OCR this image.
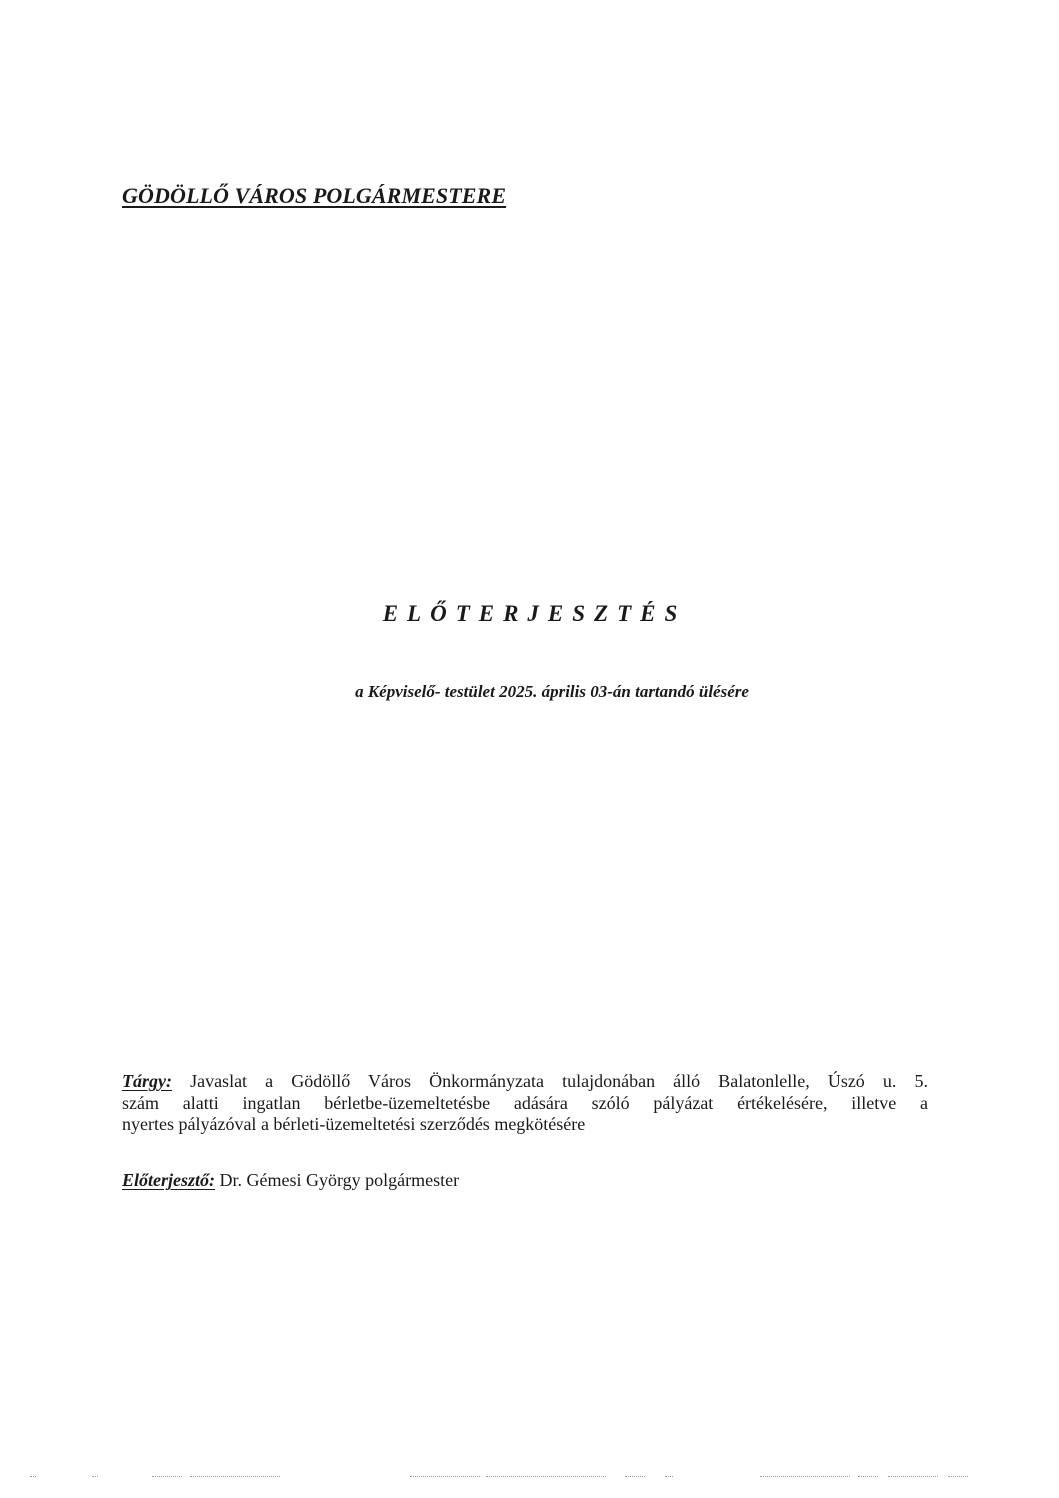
GÖDÖLLŐ VÁROS POLGÁRMESTERE
ELŐTERJESZTÉS
a Képviselő- testület 2025. április 03-án tartandó ülésére
Tárgy: Javaslat a Gödöllő Város Önkormányzata tulajdonában álló Balatonlelle, Úszó u. 5.
szám alatti ingatlan bérletbe-üzemeltetésbe adására szóló pályázat értékelésére, illetve a
nyertes pályázóval a bérleti-üzemeltetési szerződés megkötésére
Előterjesztő: Dr. Gémesi György polgármester
